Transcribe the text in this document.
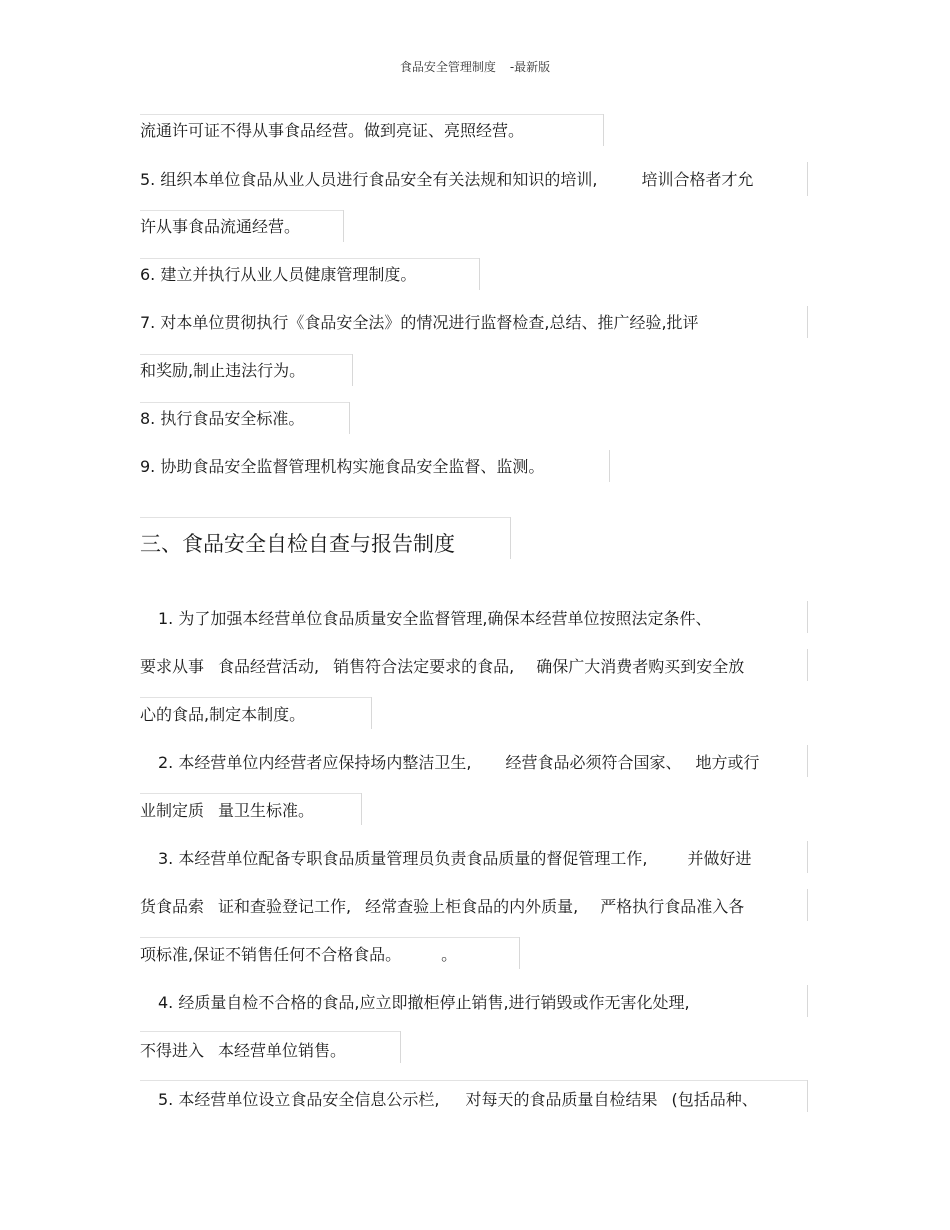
食品安全管理制度 -最新版
流通许可证不得从事食品经营。做到亮证、亮照经营。
5. 组织本单位食品从业人员进行食品安全有关法规和知识的培训,	培训合格者才允
许从事食品流通经营。
6. 建立并执行从业人员健康管理制度。
7. 对本单位贯彻执行《食品安全法》的情况进行监督检查,总结、推广经验,批评
和奖励,制止违法行为。
8. 执行食品安全标准。
9. 协助食品安全监督管理机构实施食品安全监督、监测。
三、食品安全自检自查与报告制度
1. 为了加强本经营单位食品质量安全监督管理,确保本经营单位按照法定条件、
要求从事 食品经营活动, 销售符合法定要求的食品, 确保广大消费者购买到安全放
心的食品,制定本制度。
2. 本经营单位内经营者应保持场内整洁卫生, 经营食品必须符合国家、 地方或行
业制定质 量卫生标准。
3. 本经营单位配备专职食品质量管理员负责食品质量的督促管理工作,	并做好进
货食品索 证和查验登记工作, 经常查验上柜食品的内外质量, 严格执行食品准入各
项标准,保证不销售任何不合格食品。	。
4. 经质量自检不合格的食品,应立即撤柜停止销售,进行销毁或作无害化处理,
不得进入 本经营单位销售。
5. 本经营单位设立食品安全信息公示栏, 对每天的食品质量自检结果 (包括品种、
